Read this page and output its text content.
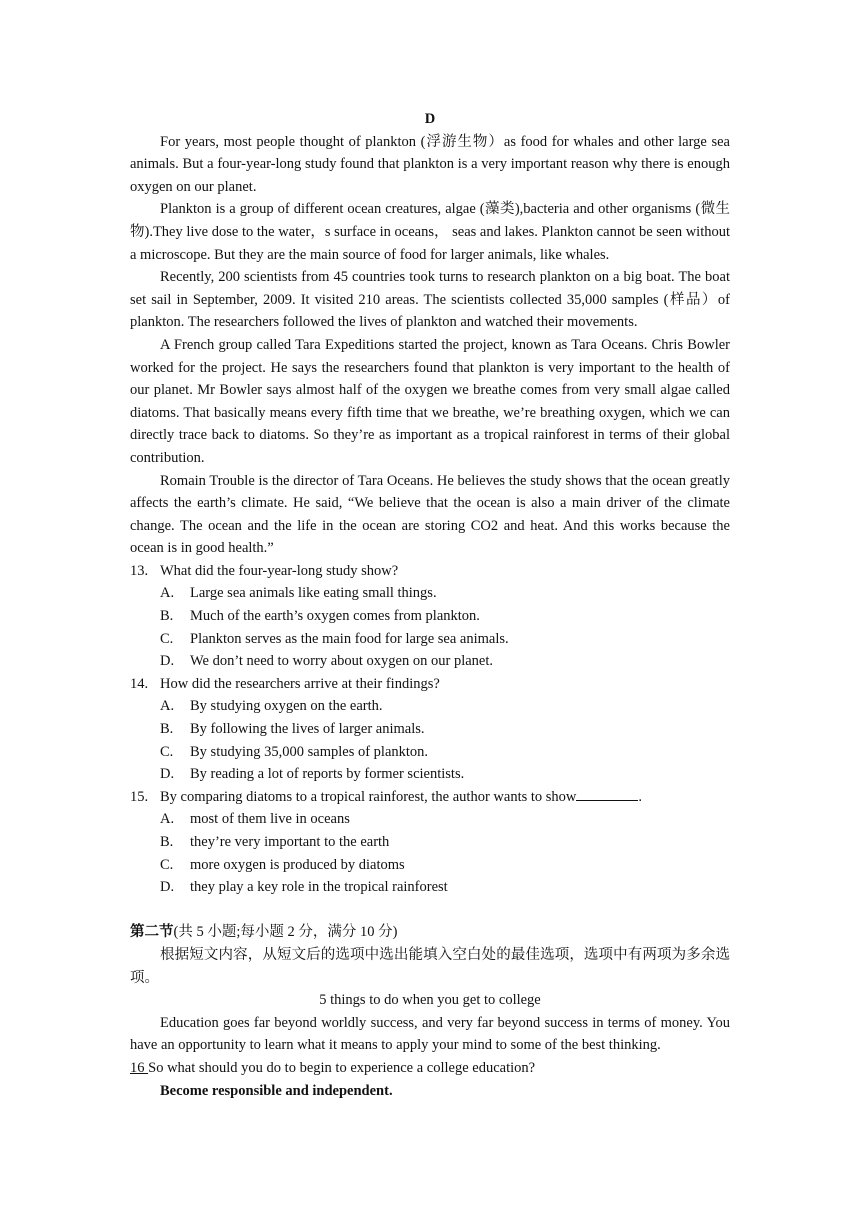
D

For years, most people thought of plankton (浮游生物）as food for whales and other large sea animals. But a four-year-long study found that plankton is a very important reason why there is enough oxygen on our planet.

Plankton is a group of different ocean creatures, algae (藻类),bacteria and other organisms (微生 物).They live dose to the water，s surface in oceans， seas and lakes. Plankton cannot be seen without a microscope. But they are the main source of food for larger animals, like whales.

Recently, 200 scientists from 45 countries took turns to research plankton on a big boat. The boat set sail in September, 2009. It visited 210 areas. The scientists collected 35,000 samples (样品）of plankton. The researchers followed the lives of plankton and watched their movements.

A French group called Tara Expeditions started the project, known as Tara Oceans. Chris Bowler worked for the project. He says the researchers found that plankton is very important to the health of our planet. Mr Bowler says almost half of the oxygen we breathe comes from very small algae called diatoms. That basically means every fifth time that we breathe, we’re breathing oxygen, which we can directly trace back to diatoms. So they’re as important as a tropical rainforest in terms of their global contribution.

Romain Trouble is the director of Tara Oceans. He believes the study shows that the ocean greatly affects the earth’s climate. He said, “We believe that the ocean is also a main driver of the climate change. The ocean and the life in the ocean are storing CO2 and heat. And this works because the ocean is in good health.”

13. What did the four-year-long study show?
A.	Large sea animals like eating small things.
B.	Much of the earth’s oxygen comes from plankton.
C.	Plankton serves as the main food for large sea animals.
D.	We don’t need to worry about oxygen on our planet.
14. How did the researchers arrive at their findings?
A.	By studying oxygen on the earth.
B.	By following the lives of larger animals.
C.	By studying 35,000 samples of plankton.
D.	By reading a lot of reports by former scientists.
15. By comparing diatoms to a tropical rainforest, the author wants to show	.
A.	most of them live in oceans
B.	they’re very important to the earth
C.	more oxygen is produced by diatoms
D.	they play a key role in the tropical rainforest
第二节(共 5 小题;每小题 2 分，满分 10 分)

根据短文内容，从短文后的选项中选出能填入空白处的最佳选项，选项中有两项为多余选项。

5 things to do when you get to college

Education goes far beyond worldly success, and very far beyond success in terms of money. You have an opportunity to learn what it means to apply your mind to some of the best thinking.

16 So what should you do to begin to experience a college education?

Become responsible and independent.
